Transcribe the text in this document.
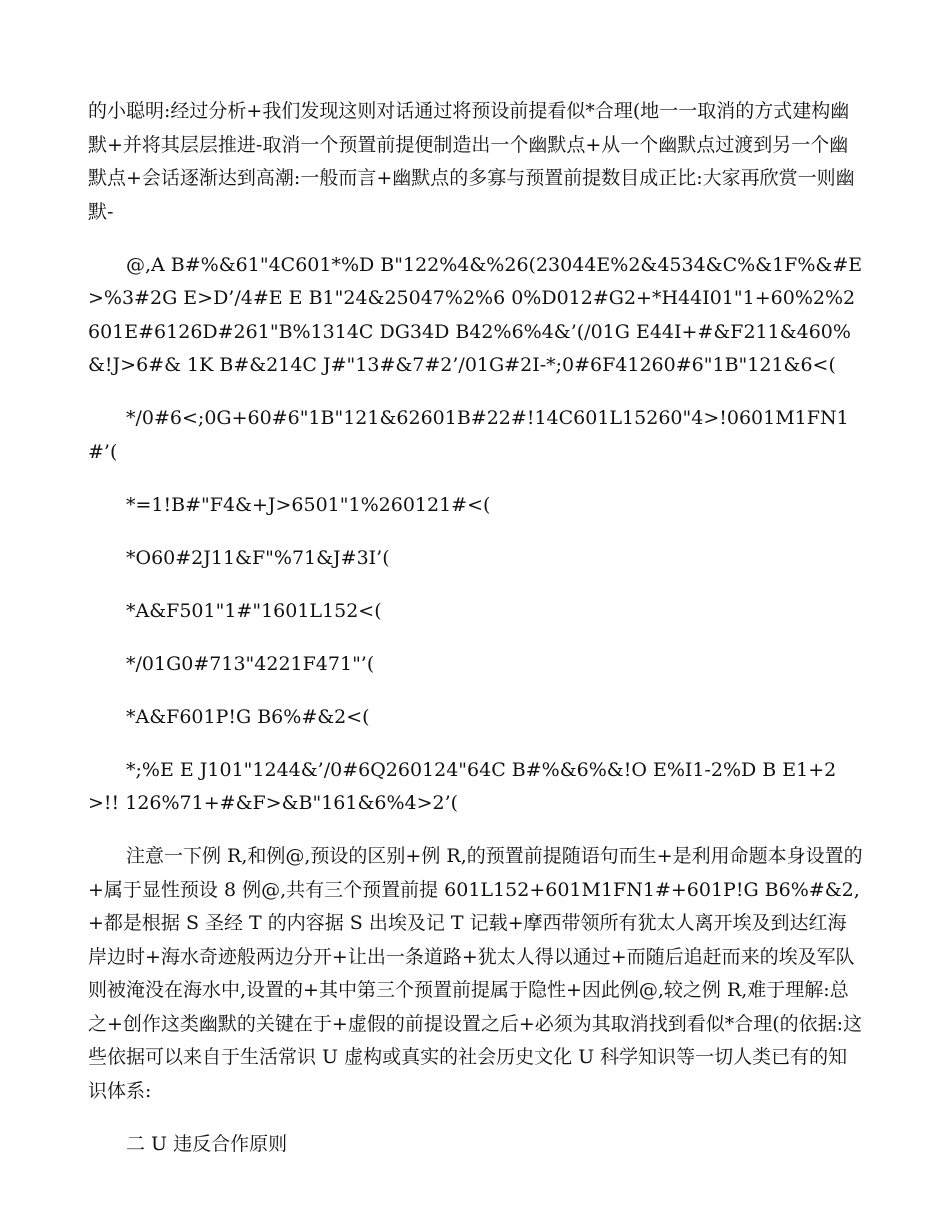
的小聪明:经过分析+我们发现这则对话通过将预设前提看似*合理(地一一取消的方式建构幽默+并将其层层推进-取消一个预置前提便制造出一个幽默点+从一个幽默点过渡到另一个幽默点+会话逐渐达到高潮:一般而言+幽默点的多寡与预置前提数目成正比:大家再欣赏一则幽默-

@,A B#%&61"4C601*%D B"122%4&%26(23044E%2&4534&C%&1F%&#E>%3#2G E>D’/4#E E B1"24&25047%2%6 0%D012#G2+*H44I01"1+60%2%2601E#6126D#261"B%1314C DG34D B42%6%4&’(/01G E44I+#&F211&460%&!J>6#& 1K B#&214C J#"13#&7#2’/01G#2I-*;0#6F41260#6"1B"121&6<(

*/0#6<;0G+60#6"1B"121&62601B#22#!14C601L15260"4>!0601M1FN1#’(

*=1!B#"F4&+J>6501"1%260121#<(

*O60#2J11&F"%71&J#3I’(

*A&F501"1#"1601L152<(

*/01G0#713"4221F471"’(

*A&F601P!G B6%#&2<(

*;%E E J101"1244&’/0#6Q260124"64C B#%&6%&!O E%I1-2%D B E1+2>!! 126%71+#&F>&B"161&6%4>2’(

注意一下例 R,和例@,预设的区别+例 R,的预置前提随语句而生+是利用命题本身设置的+属于显性预设 8 例@,共有三个预置前提 601L152+601M1FN1#+601P!G B6%#&2,+都是根据 S 圣经 T 的内容据 S 出埃及记 T 记载+摩西带领所有犹太人离开埃及到达红海岸边时+海水奇迹般两边分开+让出一条道路+犹太人得以通过+而随后追赶而来的埃及军队则被淹没在海水中,设置的+其中第三个预置前提属于隐性+因此例@,较之例 R,难于理解:总之+创作这类幽默的关键在于+虚假的前提设置之后+必须为其取消找到看似*合理(的依据:这些依据可以来自于生活常识 U 虚构或真实的社会历史文化 U 科学知识等一切人类已有的知识体系:

二 U 违反合作原则
